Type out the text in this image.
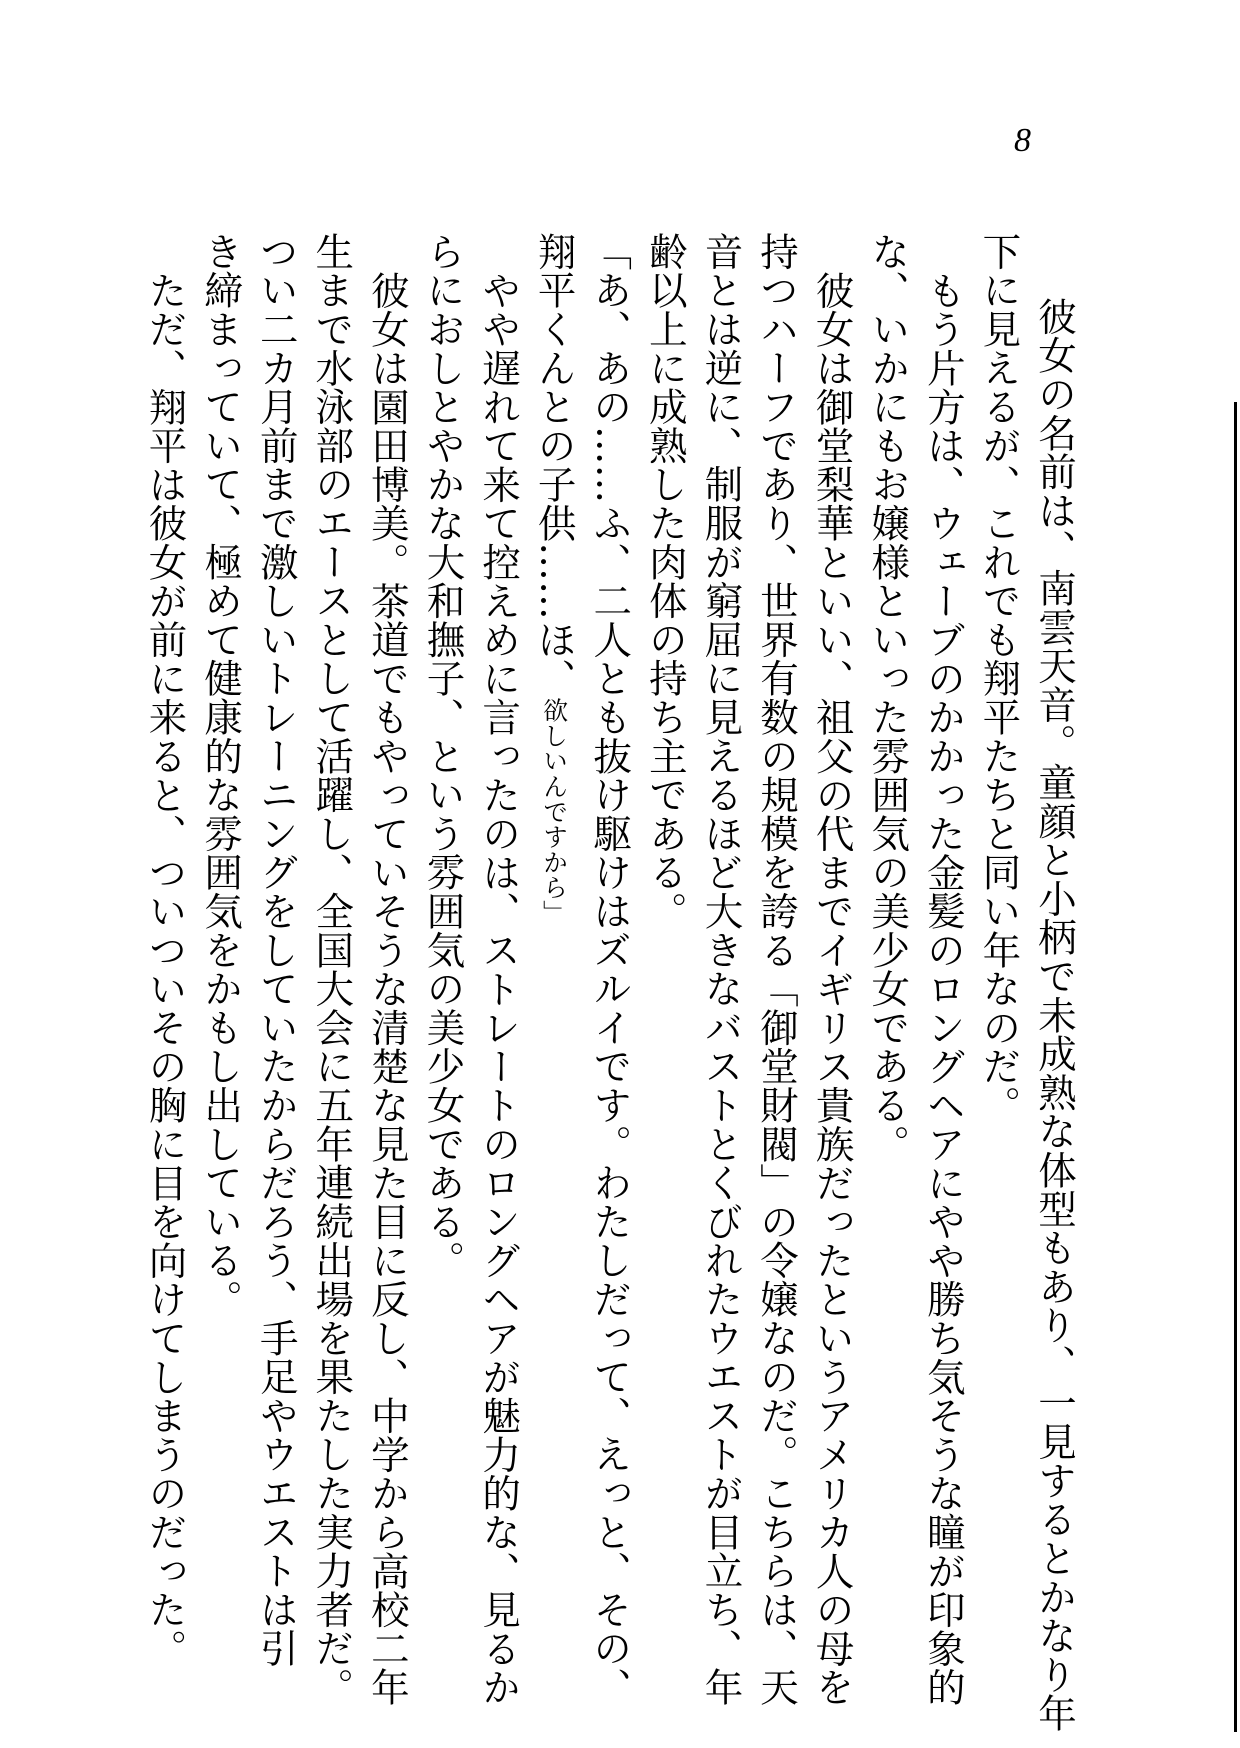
8
彼女の名前は、南雲天音。童顔と小柄で未成熟な体型もあり、一見するとかなり年
下に見えるが、これでも翔平たちと同い年なのだ。
もう片方は、ウェーブのかかった金髪のロングヘアにやや勝ち気そうな瞳が印象的
な、いかにもお嬢様といった雰囲気の美少女である。
彼女は御堂梨華といい、祖父の代までイギリス貴族だったというアメリカ人の母を
持つハーフであり、世界有数の規模を誇る「御堂財閥」の令嬢なのだ。こちらは、天
音とは逆に、制服が窮屈に見えるほど大きなバストとくびれたウエストが目立ち、年
齢以上に成熟した肉体の持ち主である。
「あ、あの……ふ、二人とも抜け駆けはズルイです。わたしだって、えっと、その、
翔平くんとの子供……ほ、欲しいんですから」
やや遅れて来て控えめに言ったのは、ストレートのロングヘアが魅力的な、見るか
らにおしとやかな大和撫子、という雰囲気の美少女である。
彼女は園田博美。茶道でもやっていそうな清楚な見た目に反し、中学から高校二年
生まで水泳部のエースとして活躍し、全国大会に五年連続出場を果たした実力者だ。
つい二カ月前まで激しいトレーニングをしていたからだろう、手足やウエストは引
き締まっていて、極めて健康的な雰囲気をかもし出している。
ただ、翔平は彼女が前に来ると、ついついその胸に目を向けてしまうのだった。
